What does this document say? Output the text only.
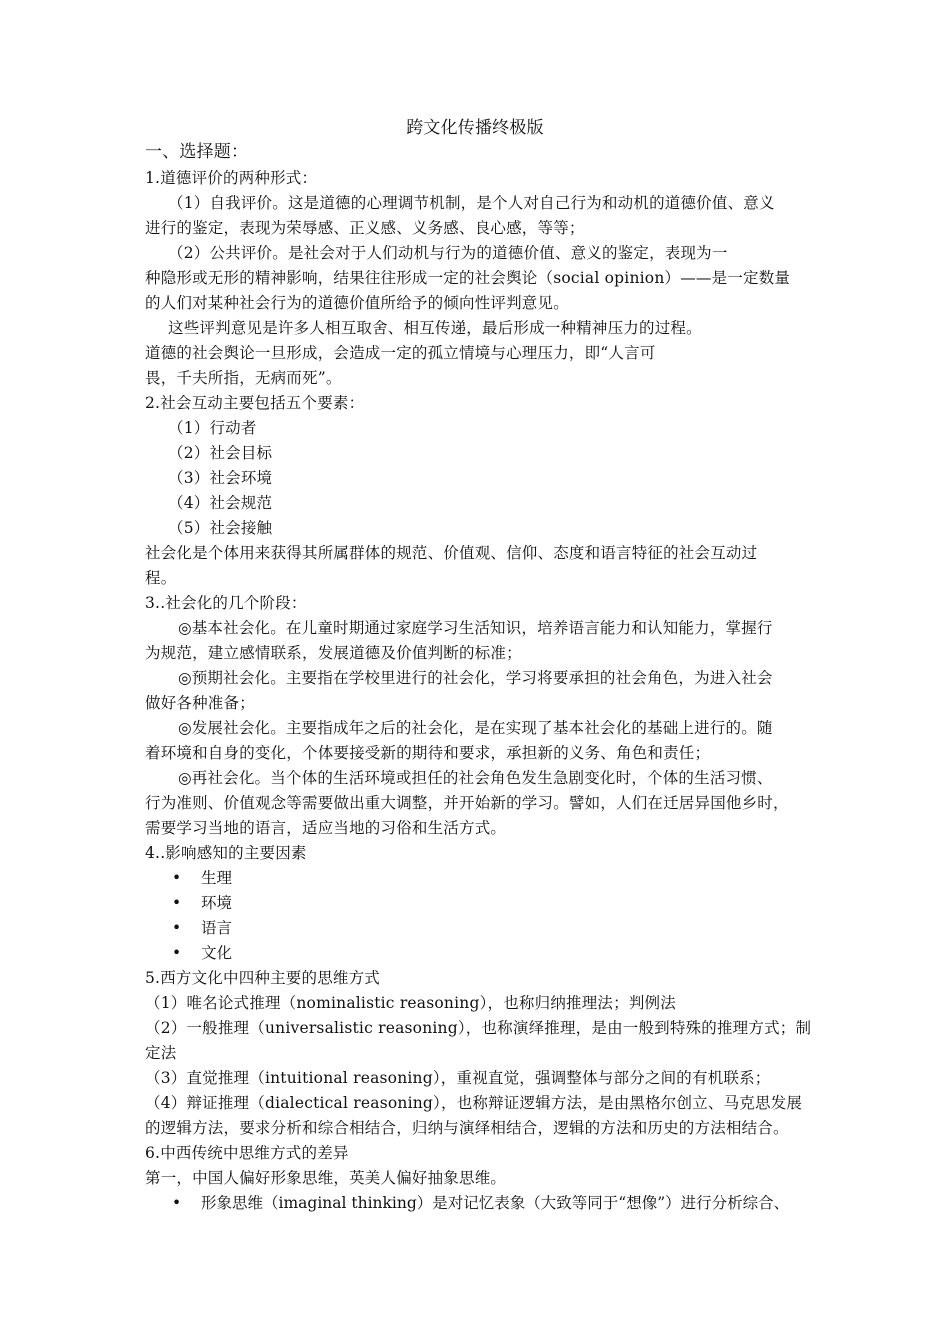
跨文化传播终极版
一、选择题：
1.道德评价的两种形式：
（1）自我评价。这是道德的心理调节机制，是个人对自己行为和动机的道德价值、意义
进行的鉴定，表现为荣辱感、正义感、义务感、良心感，等等；
（2）公共评价。是社会对于人们动机与行为的道德价值、意义的鉴定，表现为一
种隐形或无形的精神影响，结果往往形成一定的社会舆论（social opinion）——是一定数量
的人们对某种社会行为的道德价值所给予的倾向性评判意见。
这些评判意见是许多人相互取舍、相互传递，最后形成一种精神压力的过程。
道德的社会舆论一旦形成，会造成一定的孤立情境与心理压力，即“人言可
畏，千夫所指，无病而死”。
2.社会互动主要包括五个要素：
（1）行动者
（2）社会目标
（3）社会环境
（4）社会规范
（5）社会接触
社会化是个体用来获得其所属群体的规范、价值观、信仰、态度和语言特征的社会互动过
程。
3..社会化的几个阶段：
◎基本社会化。在儿童时期通过家庭学习生活知识，培养语言能力和认知能力，掌握行
为规范，建立感情联系，发展道德及价值判断的标准；
◎预期社会化。主要指在学校里进行的社会化，学习将要承担的社会角色，为进入社会
做好各种准备；
◎发展社会化。主要指成年之后的社会化，是在实现了基本社会化的基础上进行的。随
着环境和自身的变化，个体要接受新的期待和要求，承担新的义务、角色和责任；
◎再社会化。当个体的生活环境或担任的社会角色发生急剧变化时，个体的生活习惯、
行为准则、价值观念等需要做出重大调整，并开始新的学习。譬如，人们在迁居异国他乡时，
需要学习当地的语言，适应当地的习俗和生活方式。
4..影响感知的主要因素
• 生理
• 环境
• 语言
• 文化
5.西方文化中四种主要的思维方式
（1）唯名论式推理（nominalistic reasoning），也称归纳推理法；判例法
（2）一般推理（universalistic reasoning），也称演绎推理，是由一般到特殊的推理方式；制
定法
（3）直觉推理（intuitional reasoning），重视直觉，强调整体与部分之间的有机联系；
（4）辩证推理（dialectical reasoning），也称辩证逻辑方法，是由黑格尔创立、马克思发展
的逻辑方法，要求分析和综合相结合，归纳与演绎相结合，逻辑的方法和历史的方法相结合。
6.中西传统中思维方式的差异
第一，中国人偏好形象思维，英美人偏好抽象思维。
• 形象思维（imaginal thinking）是对记忆表象（大致等同于“想像”）进行分析综合、
